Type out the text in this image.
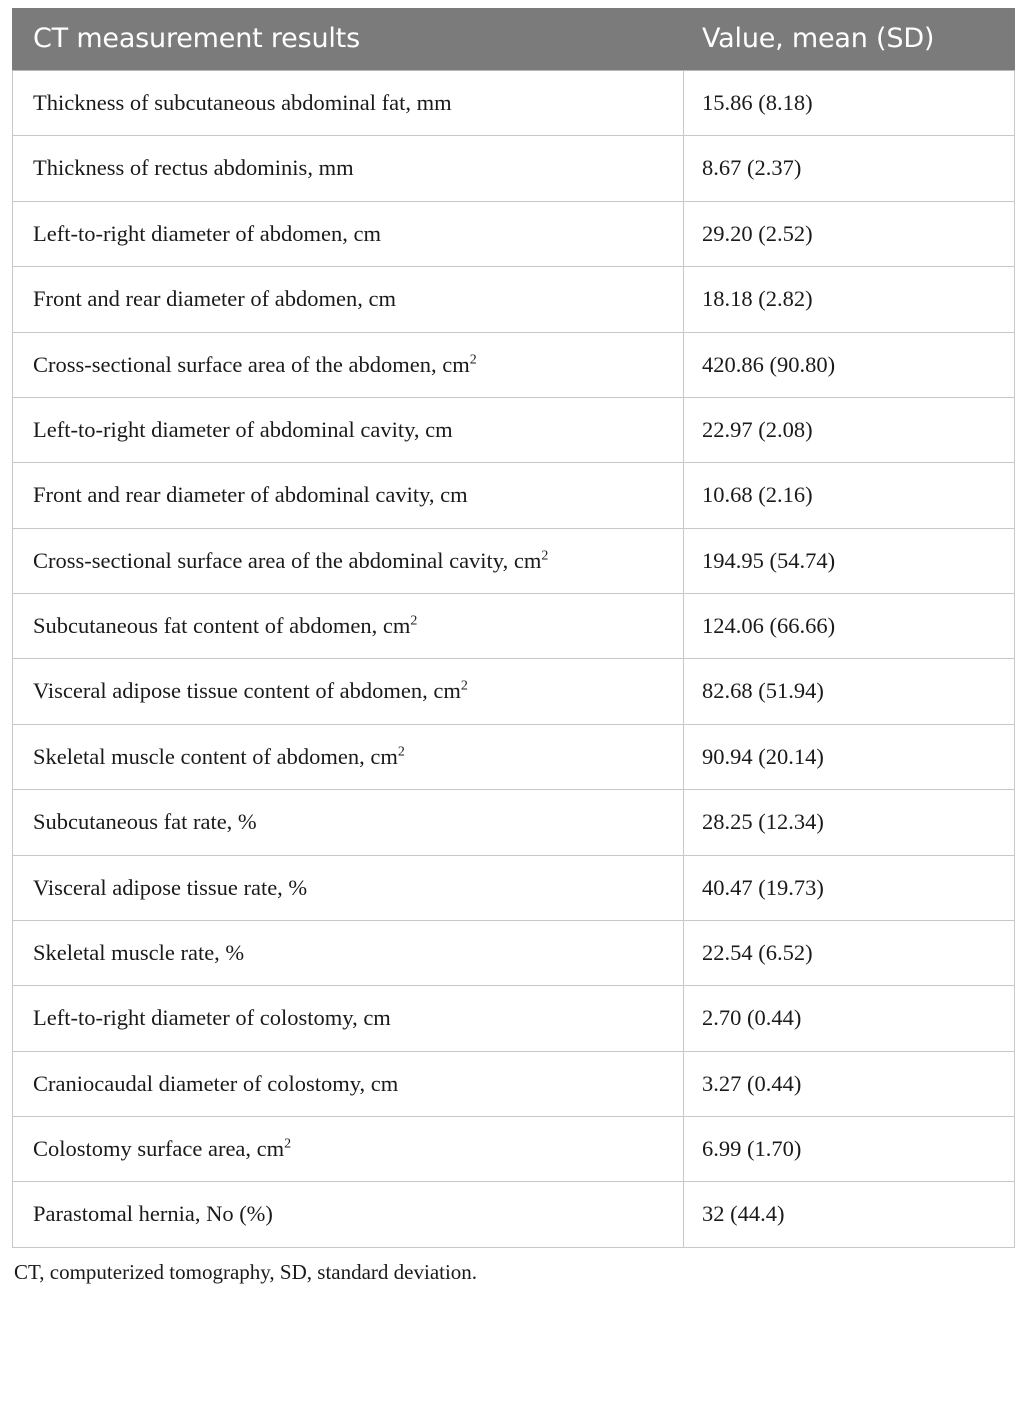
CT measurement results	Value, mean (SD)
Thickness of subcutaneous abdominal fat, mm	15.86 (8.18)
Thickness of rectus abdominis, mm	8.67 (2.37)
Left-to-right diameter of abdomen, cm	29.20 (2.52)
Front and rear diameter of abdomen, cm	18.18 (2.82)
Cross-sectional surface area of the abdomen, $cm^2$	420.86 (90.80)
Left-to-right diameter of abdominal cavity, cm	22.97 (2.08)
Front and rear diameter of abdominal cavity, cm	10.68 (2.16)
Cross-sectional surface area of the abdominal cavity, $cm^2$	194.95 (54.74)
Subcutaneous fat content of abdomen, $cm^2$	124.06 (66.66)
Visceral adipose tissue content of abdomen, $cm^2$	82.68 (51.94)
Skeletal muscle content of abdomen, $cm^2$	90.94 (20.14)
Subcutaneous fat rate, %	28.25 (12.34)
Visceral adipose tissue rate, %	40.47 (19.73)
Skeletal muscle rate, %	22.54 (6.52)
Left-to-right diameter of colostomy, cm	2.70 (0.44)
Craniocaudal diameter of colostomy, cm	3.27 (0.44)
Colostomy surface area, $cm^2$	6.99 (1.70)
Parastomal hernia, No (%)	32 (44.4)
CT, computerized tomography, SD, standard deviation.
